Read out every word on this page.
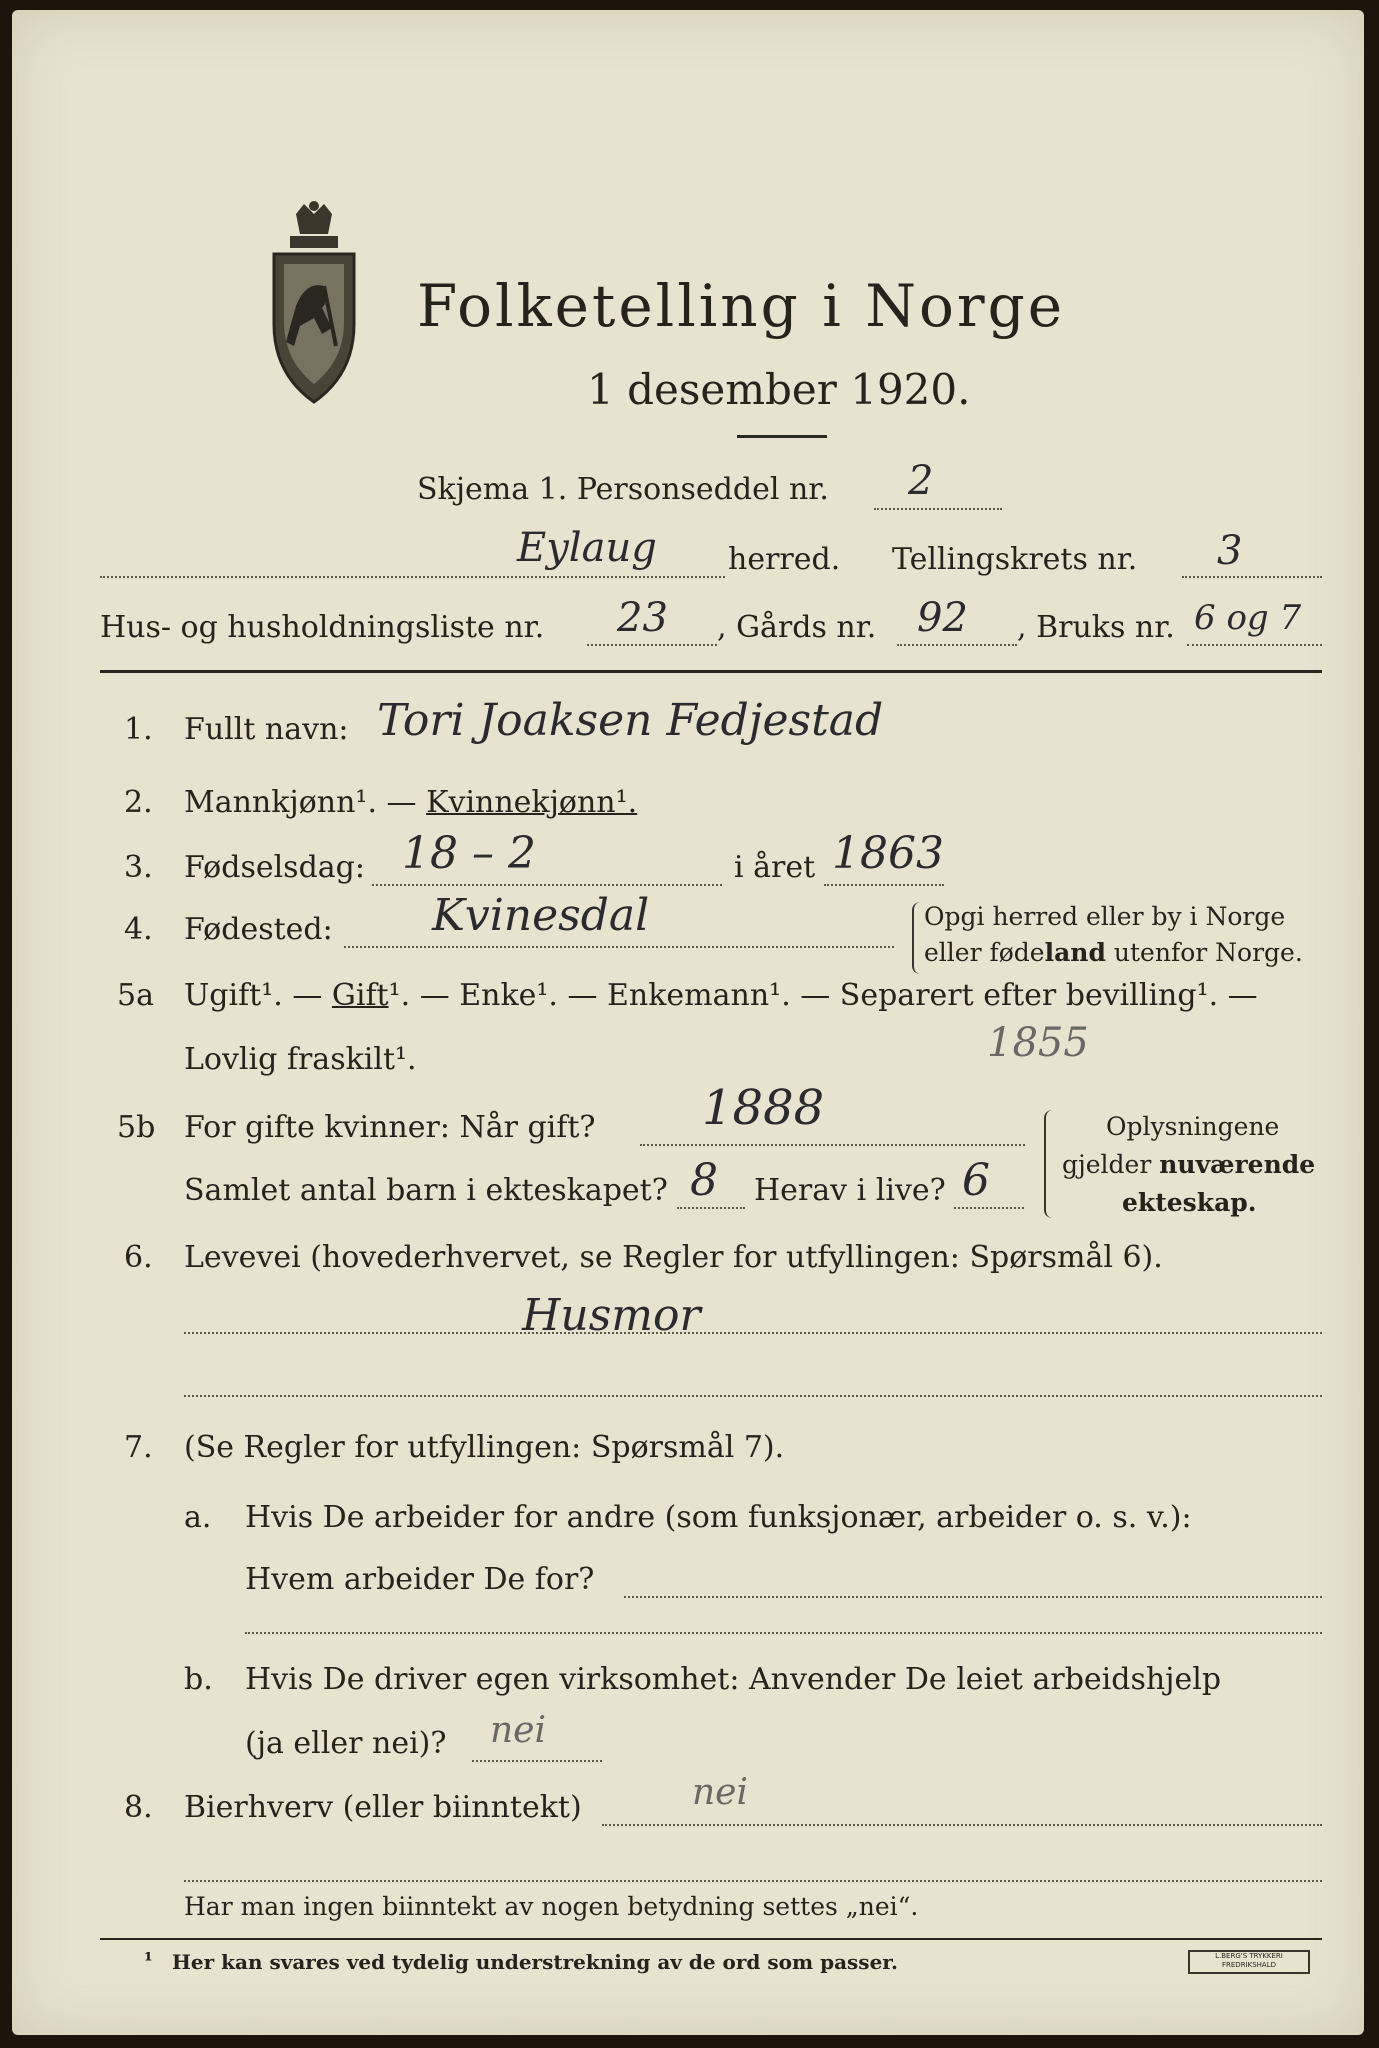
Folketelling i Norge
1 desember 1920.
Skjema 1. Personseddel nr. 2
Eylaug herred. Tellingskrets nr. 3
Hus- og husholdningsliste nr. 23 , Gårds nr. 92 , Bruks nr. 6 og 7
1. Fullt navn: Tori Joaksen Fedjestad
2. Mannkjønn¹. — Kvinnekjønn¹.
3. Fødselsdag: 18 – 2	i året 1863
4. Fødested: Kvinesdal	Opgi herred eller by i Norge
eller fødeland utenfor Norge.
5a Ugift¹. — Gift¹. — Enke¹. — Enkemann¹. — Separert efter bevilling¹. —
Lovlig fraskilt¹.	1855
5b For gifte kvinner: Når gift? 1888
Samlet antal barn i ekteskapet? 8 Herav i live? 6
Oplysningene
gjelder nuværende
ekteskap.
6. Levevei (hovederhvervet, se Regler for utfyllingen: Spørsmål 6).
Husmor
7. (Se Regler for utfyllingen: Spørsmål 7).
a. Hvis De arbeider for andre (som funksjonær, arbeider o. s. v.):
Hvem arbeider De for?
b. Hvis De driver egen virksomhet: Anvender De leiet arbeidshjelp
(ja eller nei)? nei
8. Bierhverv (eller biinntekt)	nei
Har man ingen biinntekt av nogen betydning settes „nei“.
¹ Her kan svares ved tydelig understrekning av de ord som passer.	L.BERG'S TRYKKERI FREDRIKSHALD
